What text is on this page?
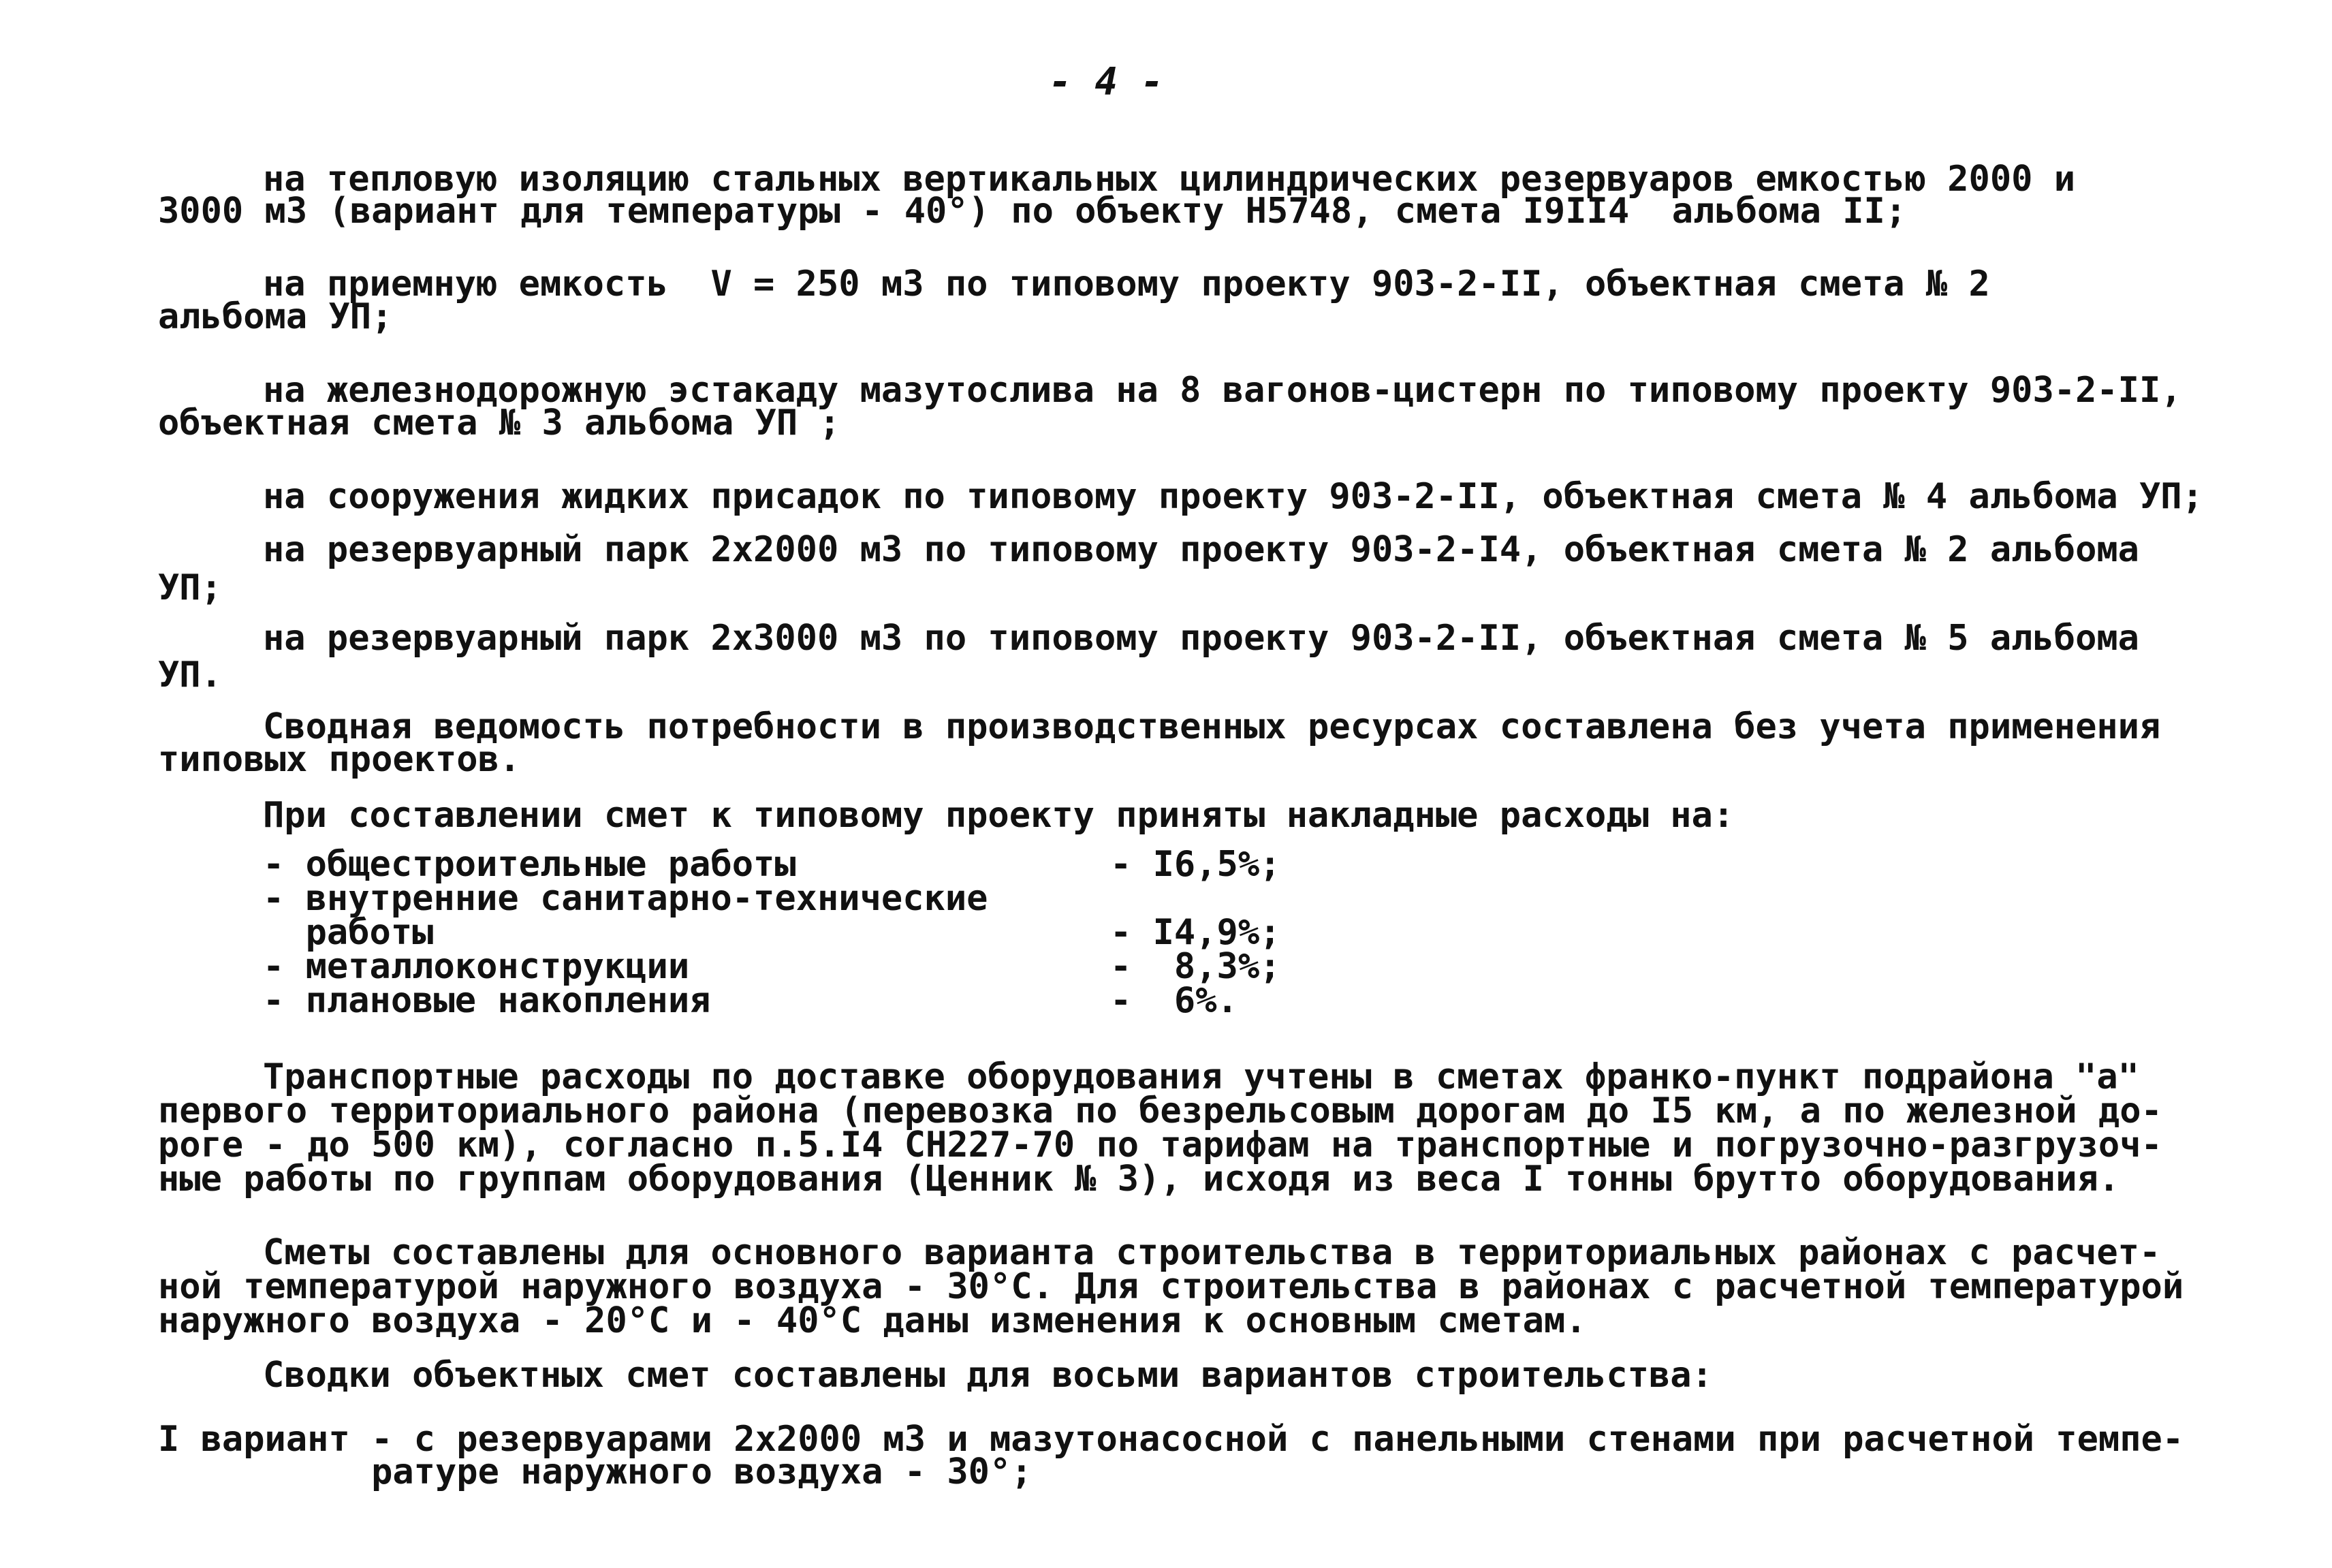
- 4 -
на тепловую изоляцию стальных вертикальных цилиндрических резервуаров емкостью 2000 и
3000 м3 (вариант для температуры - 40°) по объекту Н5748, смета I9II4  альбома II;
на приемную емкость  V = 250 м3 по типовому проекту 903-2-II, объектная смета № 2
альбома УП;
на железнодорожную эстакаду мазутослива на 8 вагонов-цистерн по типовому проекту 903-2-II,
объектная смета № 3 альбома УП ;
на сооружения жидких присадок по типовому проекту 903-2-II, объектная смета № 4 альбома УП;
на резервуарный парк 2х2000 м3 по типовому проекту 903-2-I4, объектная смета № 2 альбома
УП;
на резервуарный парк 2х3000 м3 по типовому проекту 903-2-II, объектная смета № 5 альбома
УП.
Сводная ведомость потребности в производственных ресурсах составлена без учета применения
типовых проектов.
При составлении смет к типовому проекту приняты накладные расходы на:
- общестроительные работы	- I6,5%;
- внутренние санитарно-технические
работы	- I4,9%;
- металлоконструкции	-  8,3%;
- плановые накопления	-  6%.
Транспортные расходы по доставке оборудования учтены в сметах франко-пункт подрайона "а"
первого территориального района (перевозка по безрельсовым дорогам до I5 км, а по железной до-
роге - до 500 км), согласно п.5.I4 СН227-70 по тарифам на транспортные и погрузочно-разгрузоч-
ные работы по группам оборудования (Ценник № 3), исходя из веса I тонны брутто оборудования.
Сметы составлены для основного варианта строительства в территориальных районах с расчет-
ной температурой наружного воздуха - 30°С. Для строительства в районах с расчетной температурой
наружного воздуха - 20°С и - 40°С даны изменения к основным сметам.
Сводки объектных смет составлены для восьми вариантов строительства:
I вариант - с резервуарами 2х2000 м3 и мазутонасосной с панельными стенами при расчетной темпе-
ратуре наружного воздуха - 30°;
